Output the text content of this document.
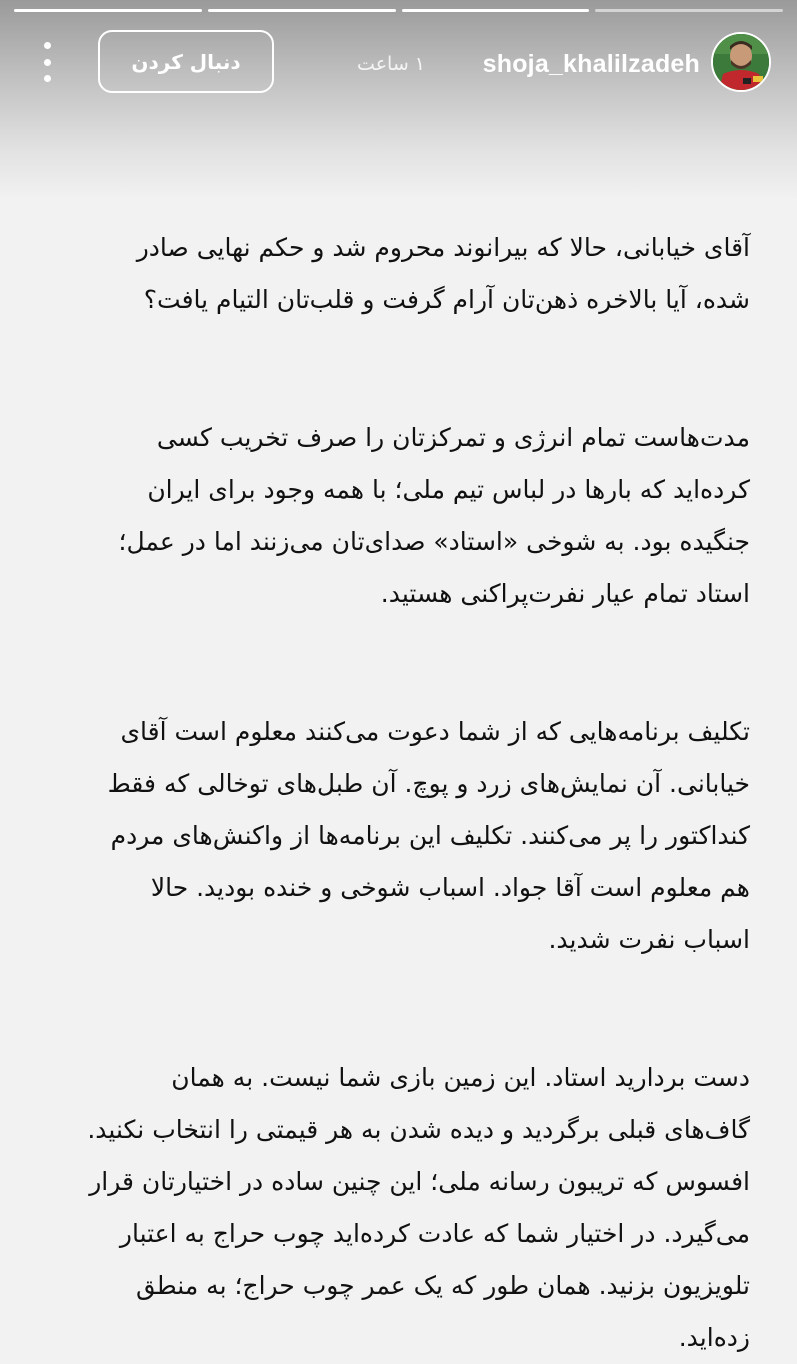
shoja_khalilzadeh
۱ ساعت
دنبال کردن

آقای خیابانی، حالا که بیرانوند محروم شد و حکم نهایی صادر شده، آیا بالاخره ذهن‌تان آرام گرفت و قلب‌تان التیام یافت؟

مدت‌هاست تمام انرژی و تمرکزتان را صرف تخریب کسی کرده‌اید که بارها در لباس تیم ملی؛ با همه وجود برای ایران جنگیده بود. به شوخی «استاد» صدای‌تان می‌زنند اما در عمل؛ استاد تمام عیار نفرت‌پراکنی هستید.

تکلیف برنامه‌هایی که از شما دعوت می‌کنند معلوم است آقای خیابانی. آن نمایش‌های زرد و پوچ. آن طبل‌های توخالی که فقط کنداکتور را پر می‌کنند. تکلیف این برنامه‌ها از واکنش‌های مردم هم معلوم است آقا جواد. اسباب شوخی و خنده بودید. حالا اسباب نفرت شدید.

دست بردارید استاد. این زمین بازی شما نیست. به همان گاف‌های قبلی برگردید و دیده شدن به هر قیمتی را انتخاب نکنید. افسوس که تریبون رسانه ملی؛ این چنین ساده در اختیارتان قرار می‌گیرد. در اختیار شما که عادت کرده‌اید چوب حراج به اعتبار تلویزیون بزنید. همان طور که یک عمر چوب حراج؛ به منطق زده‌اید.
